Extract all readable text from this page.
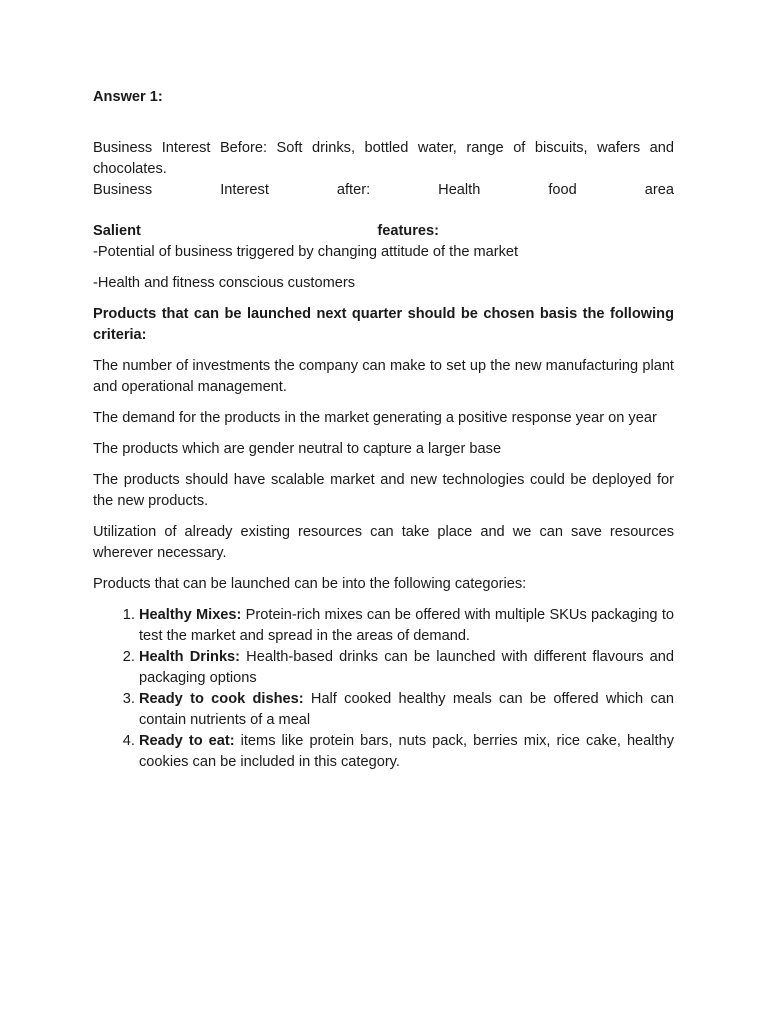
Answer 1:

Business Interest Before: Soft drinks, bottled water, range of biscuits, wafers and chocolates.

Business	Interest	after:	Health	food	area
Salient	features:

-Potential of business triggered by changing attitude of the market

-Health and fitness conscious customers

Products that can be launched next quarter should be chosen basis the following criteria:

The number of investments the company can make to set up the new manufacturing plant and operational management.

The demand for the products in the market generating a positive response year on year

The products which are gender neutral to capture a larger base

The products should have scalable market and new technologies could be deployed for the new products.

Utilization of already existing resources can take place and we can save resources wherever necessary.

Products that can be launched can be into the following categories:

1. Healthy Mixes: Protein-rich mixes can be offered with multiple SKUs packaging to test the market and spread in the areas of demand.
2. Health Drinks: Health-based drinks can be launched with different flavours and packaging options
3. Ready to cook dishes: Half cooked healthy meals can be offered which can contain nutrients of a meal
4. Ready to eat: items like protein bars, nuts pack, berries mix, rice cake, healthy cookies can be included in this category.
